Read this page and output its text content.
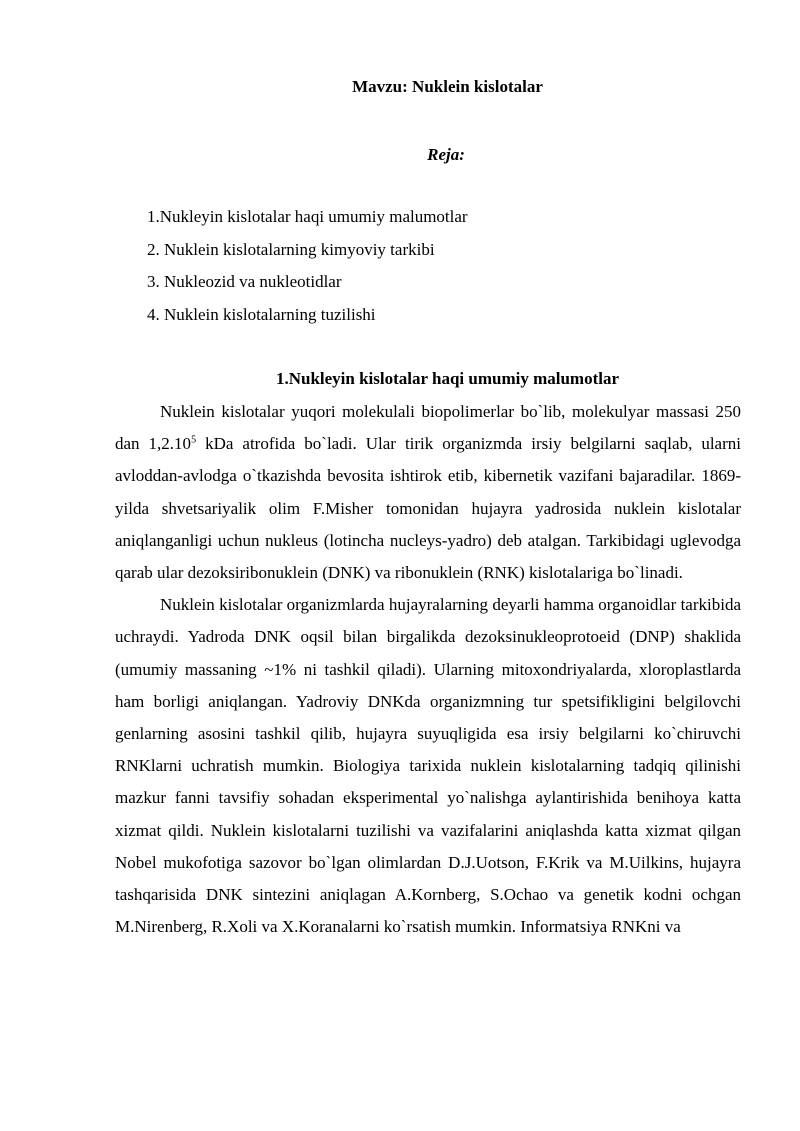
Mavzu: Nuklein kislotalar
Reja:
1.Nukleyin kislotalar haqi umumiy malumotlar
2. Nuklein kislotalarning kimyoviy tarkibi
3. Nukleozid va nukleotidlar
4. Nuklein kislotalarning tuzilishi
1.Nukleyin kislotalar haqi umumiy malumotlar

Nuklein kislotalar yuqori molekulali biopolimerlar bo`lib, molekulyar massasi 250 dan 1,2.10$^5$ kDa atrofida bo`ladi. Ular tirik organizmda irsiy belgilarni saqlab, ularni avloddan-avlodga o`tkazishda bevosita ishtirok etib, kibernetik vazifani bajaradilar. 1869- yilda shvetsariyalik olim F.Misher tomonidan hujayra yadrosida nuklein kislotalar aniqlanganligi uchun nukleus (lotincha nucleys-yadro) deb atalgan. Tarkibidagi uglevodga qarab ular dezoksiribonuklein (DNK) va ribonuklein (RNK) kislotalariga bo`linadi.

Nuklein kislotalar organizmlarda hujayralarning deyarli hamma organoidlar tarkibida uchraydi. Yadroda DNK oqsil bilan birgalikda dezoksinukleoprotoeid (DNP) shaklida (umumiy massaning ~1% ni tashkil qiladi). Ularning mitoxondriyalarda, xloroplastlarda ham borligi aniqlangan. Yadroviy DNKda organizmning tur spetsifikligini belgilovchi genlarning asosini tashkil qilib, hujayra suyuqligida esa irsiy belgilarni ko`chiruvchi RNKlarni uchratish mumkin. Biologiya tarixida nuklein kislotalarning tadqiq qilinishi mazkur fanni tavsifiy sohadan eksperimental yo`nalishga aylantirishida benihoya katta xizmat qildi. Nuklein kislotalarni tuzilishi va vazifalarini aniqlashda katta xizmat qilgan Nobel mukofotiga sazovor bo`lgan olimlardan D.J.Uotson, F.Krik va M.Uilkins, hujayra tashqarisida DNK sintezini aniqlagan A.Kornberg, S.Ochao va genetik kodni ochgan M.Nirenberg, R.Xoli va X.Koranalarni ko`rsatish mumkin. Informatsiya RNKni va
